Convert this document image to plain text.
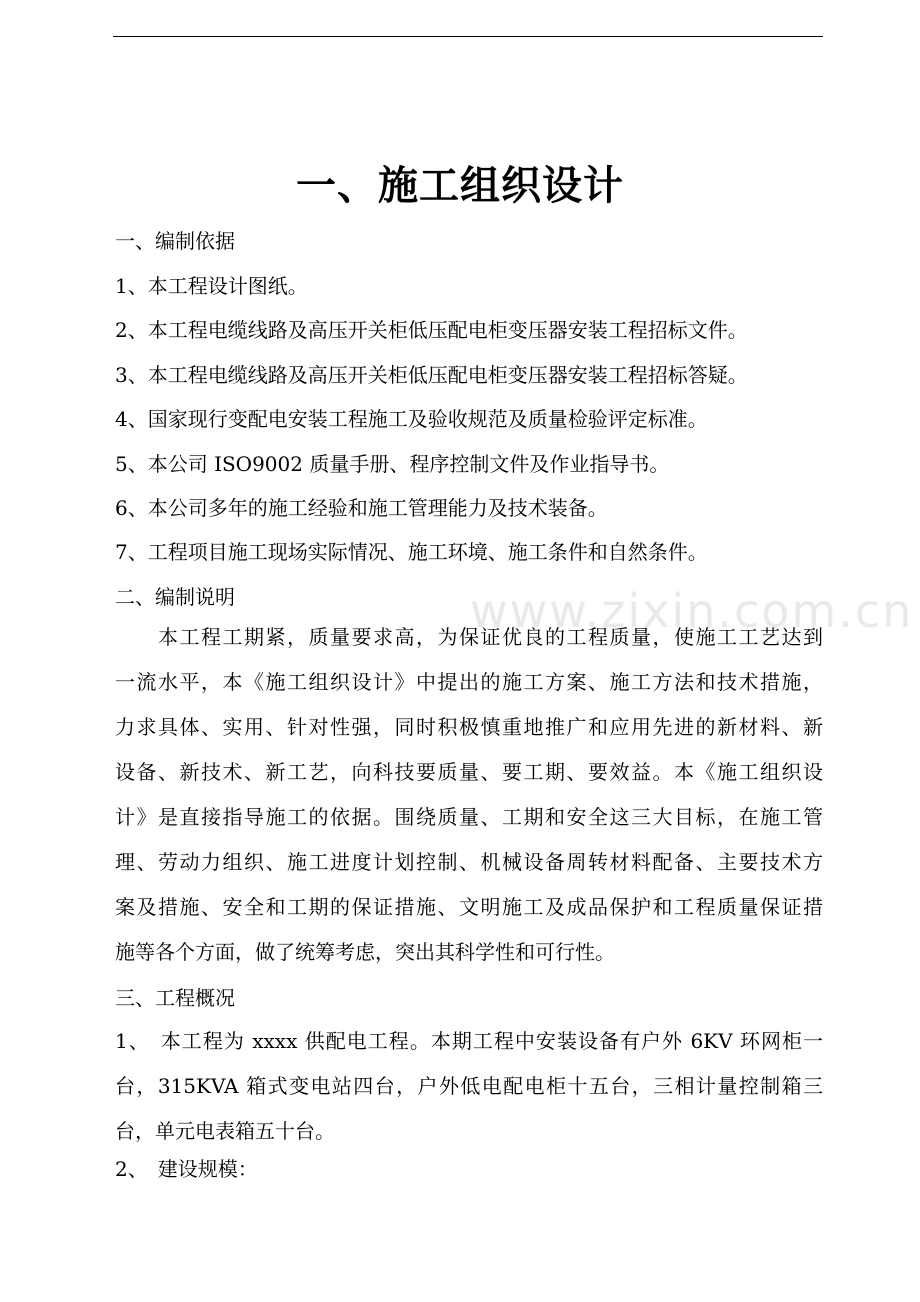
www.zixin.com.cn
一、施工组织设计
一、编制依据
1、本工程设计图纸。
2、本工程电缆线路及高压开关柜低压配电柜变压器安装工程招标文件。
3、本工程电缆线路及高压开关柜低压配电柜变压器安装工程招标答疑。
4、国家现行变配电安装工程施工及验收规范及质量检验评定标准。
5、本公司 ISO9002 质量手册、程序控制文件及作业指导书。
6、本公司多年的施工经验和施工管理能力及技术装备。
7、工程项目施工现场实际情况、施工环境、施工条件和自然条件。
二、编制说明
　　本工程工期紧，质量要求高，为保证优良的工程质量，使施工工艺达到
一流水平，本《施工组织设计》中提出的施工方案、施工方法和技术措施，
力求具体、实用、针对性强，同时积极慎重地推广和应用先进的新材料、新
设备、新技术、新工艺，向科技要质量、要工期、要效益。本《施工组织设
计》是直接指导施工的依据。围绕质量、工期和安全这三大目标，在施工管
理、劳动力组织、施工进度计划控制、机械设备周转材料配备、主要技术方
案及措施、安全和工期的保证措施、文明施工及成品保护和工程质量保证措
施等各个方面，做了统筹考虑，突出其科学性和可行性。
三、工程概况
1、　本工程为 xxxx 供配电工程。本期工程中安装设备有户外 6KV 环网柜一
台，315KVA 箱式变电站四台，户外低电配电柜十五台，三相计量控制箱三
台，单元电表箱五十台。
2、　建设规模：
